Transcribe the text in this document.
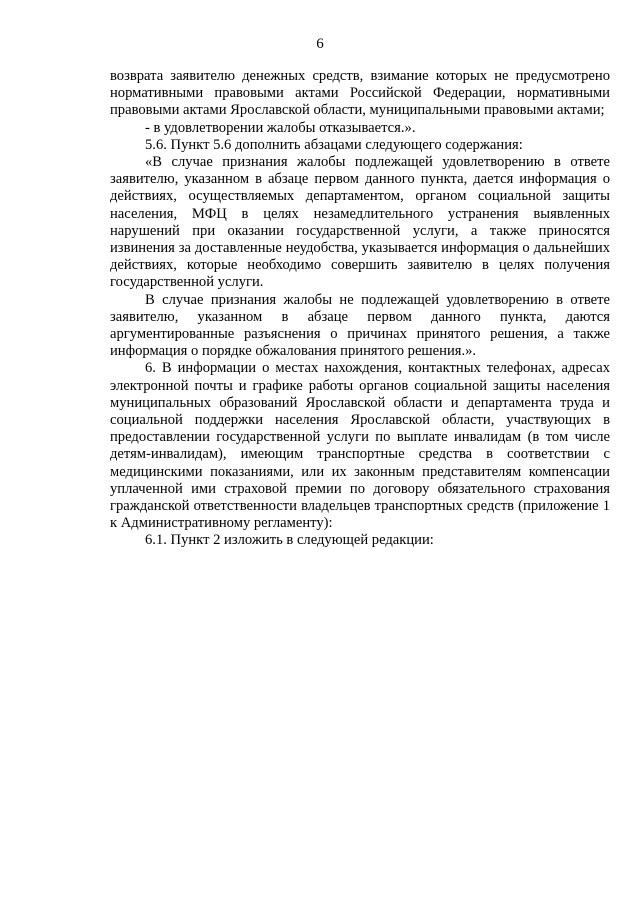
6

возврата заявителю денежных средств, взимание которых не предусмотрено нормативными правовыми актами Российской Федерации, нормативными правовыми актами Ярославской области, муниципальными правовыми актами;

- в удовлетворении жалобы отказывается.».

5.6. Пункт 5.6 дополнить абзацами следующего содержания:

«В случае признания жалобы подлежащей удовлетворению в ответе заявителю, указанном в абзаце первом данного пункта, дается информация о действиях, осуществляемых департаментом, органом социальной защиты населения, МФЦ в целях незамедлительного устранения выявленных нарушений при оказании государственной услуги, а также приносятся извинения за доставленные неудобства, указывается информация о дальнейших действиях, которые необходимо совершить заявителю в целях получения государственной услуги.

В случае признания жалобы не подлежащей удовлетворению в ответе заявителю, указанном в абзаце первом данного пункта, даются аргументированные разъяснения о причинах принятого решения, а также информация о порядке обжалования принятого решения.».

6. В информации о местах нахождения, контактных телефонах, адресах электронной почты и графике работы органов социальной защиты населения муниципальных образований Ярославской области и департамента труда и социальной поддержки населения Ярославской области, участвующих в предоставлении государственной услуги по выплате инвалидам (в том числе детям-инвалидам), имеющим транспортные средства в соответствии с медицинскими показаниями, или их законным представителям компенсации уплаченной ими страховой премии по договору обязательного страхования гражданской ответственности владельцев транспортных средств (приложение 1 к Административному регламенту):

6.1. Пункт 2 изложить в следующей редакции:
